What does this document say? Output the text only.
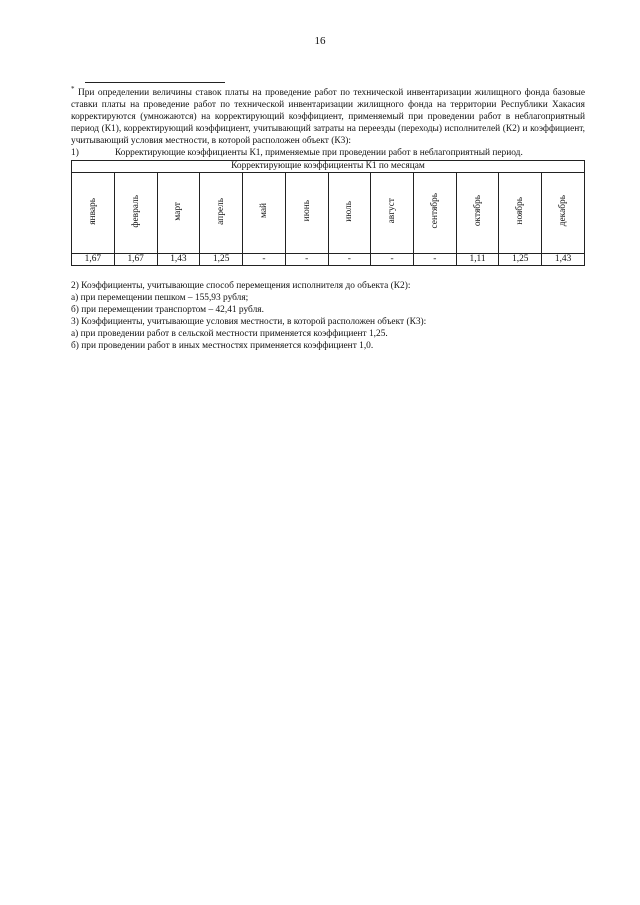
16

* При определении величины ставок платы на проведение работ по технической инвентаризации жилищного фонда базовые ставки платы на проведение работ по технической инвентаризации жилищного фонда на территории Республики Хакасия корректируются (умножаются) на корректирующий коэффициент, применяемый при проведении работ в неблагоприятный период (К1), корректирующий коэффициент, учитывающий затраты на переезды (переходы) исполнителей (К2) и коэффициент, учитывающий условия местности, в которой расположен объект (К3):

1)	Корректирующие коэффициенты К1, применяемые при проведении работ в неблагоприятный период.
Корректирующие коэффициенты К1 по месяцам											
январь	февраль	март	апрель	май	июнь	июль	август	сентябрь	октябрь	ноябрь	декабрь
1,67	1,67	1,43	1,25	-	-	-	-	-	1,11	1,25	1,43

2) Коэффициенты, учитывающие способ перемещения исполнителя до объекта (К2):

а) при перемещении пешком – 155,93 рубля;

б) при перемещении транспортом – 42,41 рубля.

3) Коэффициенты, учитывающие условия местности, в которой расположен объект (К3):

а) при проведении работ в сельской местности применяется коэффициент 1,25.

б) при проведении работ в иных местностях применяется коэффициент 1,0.
